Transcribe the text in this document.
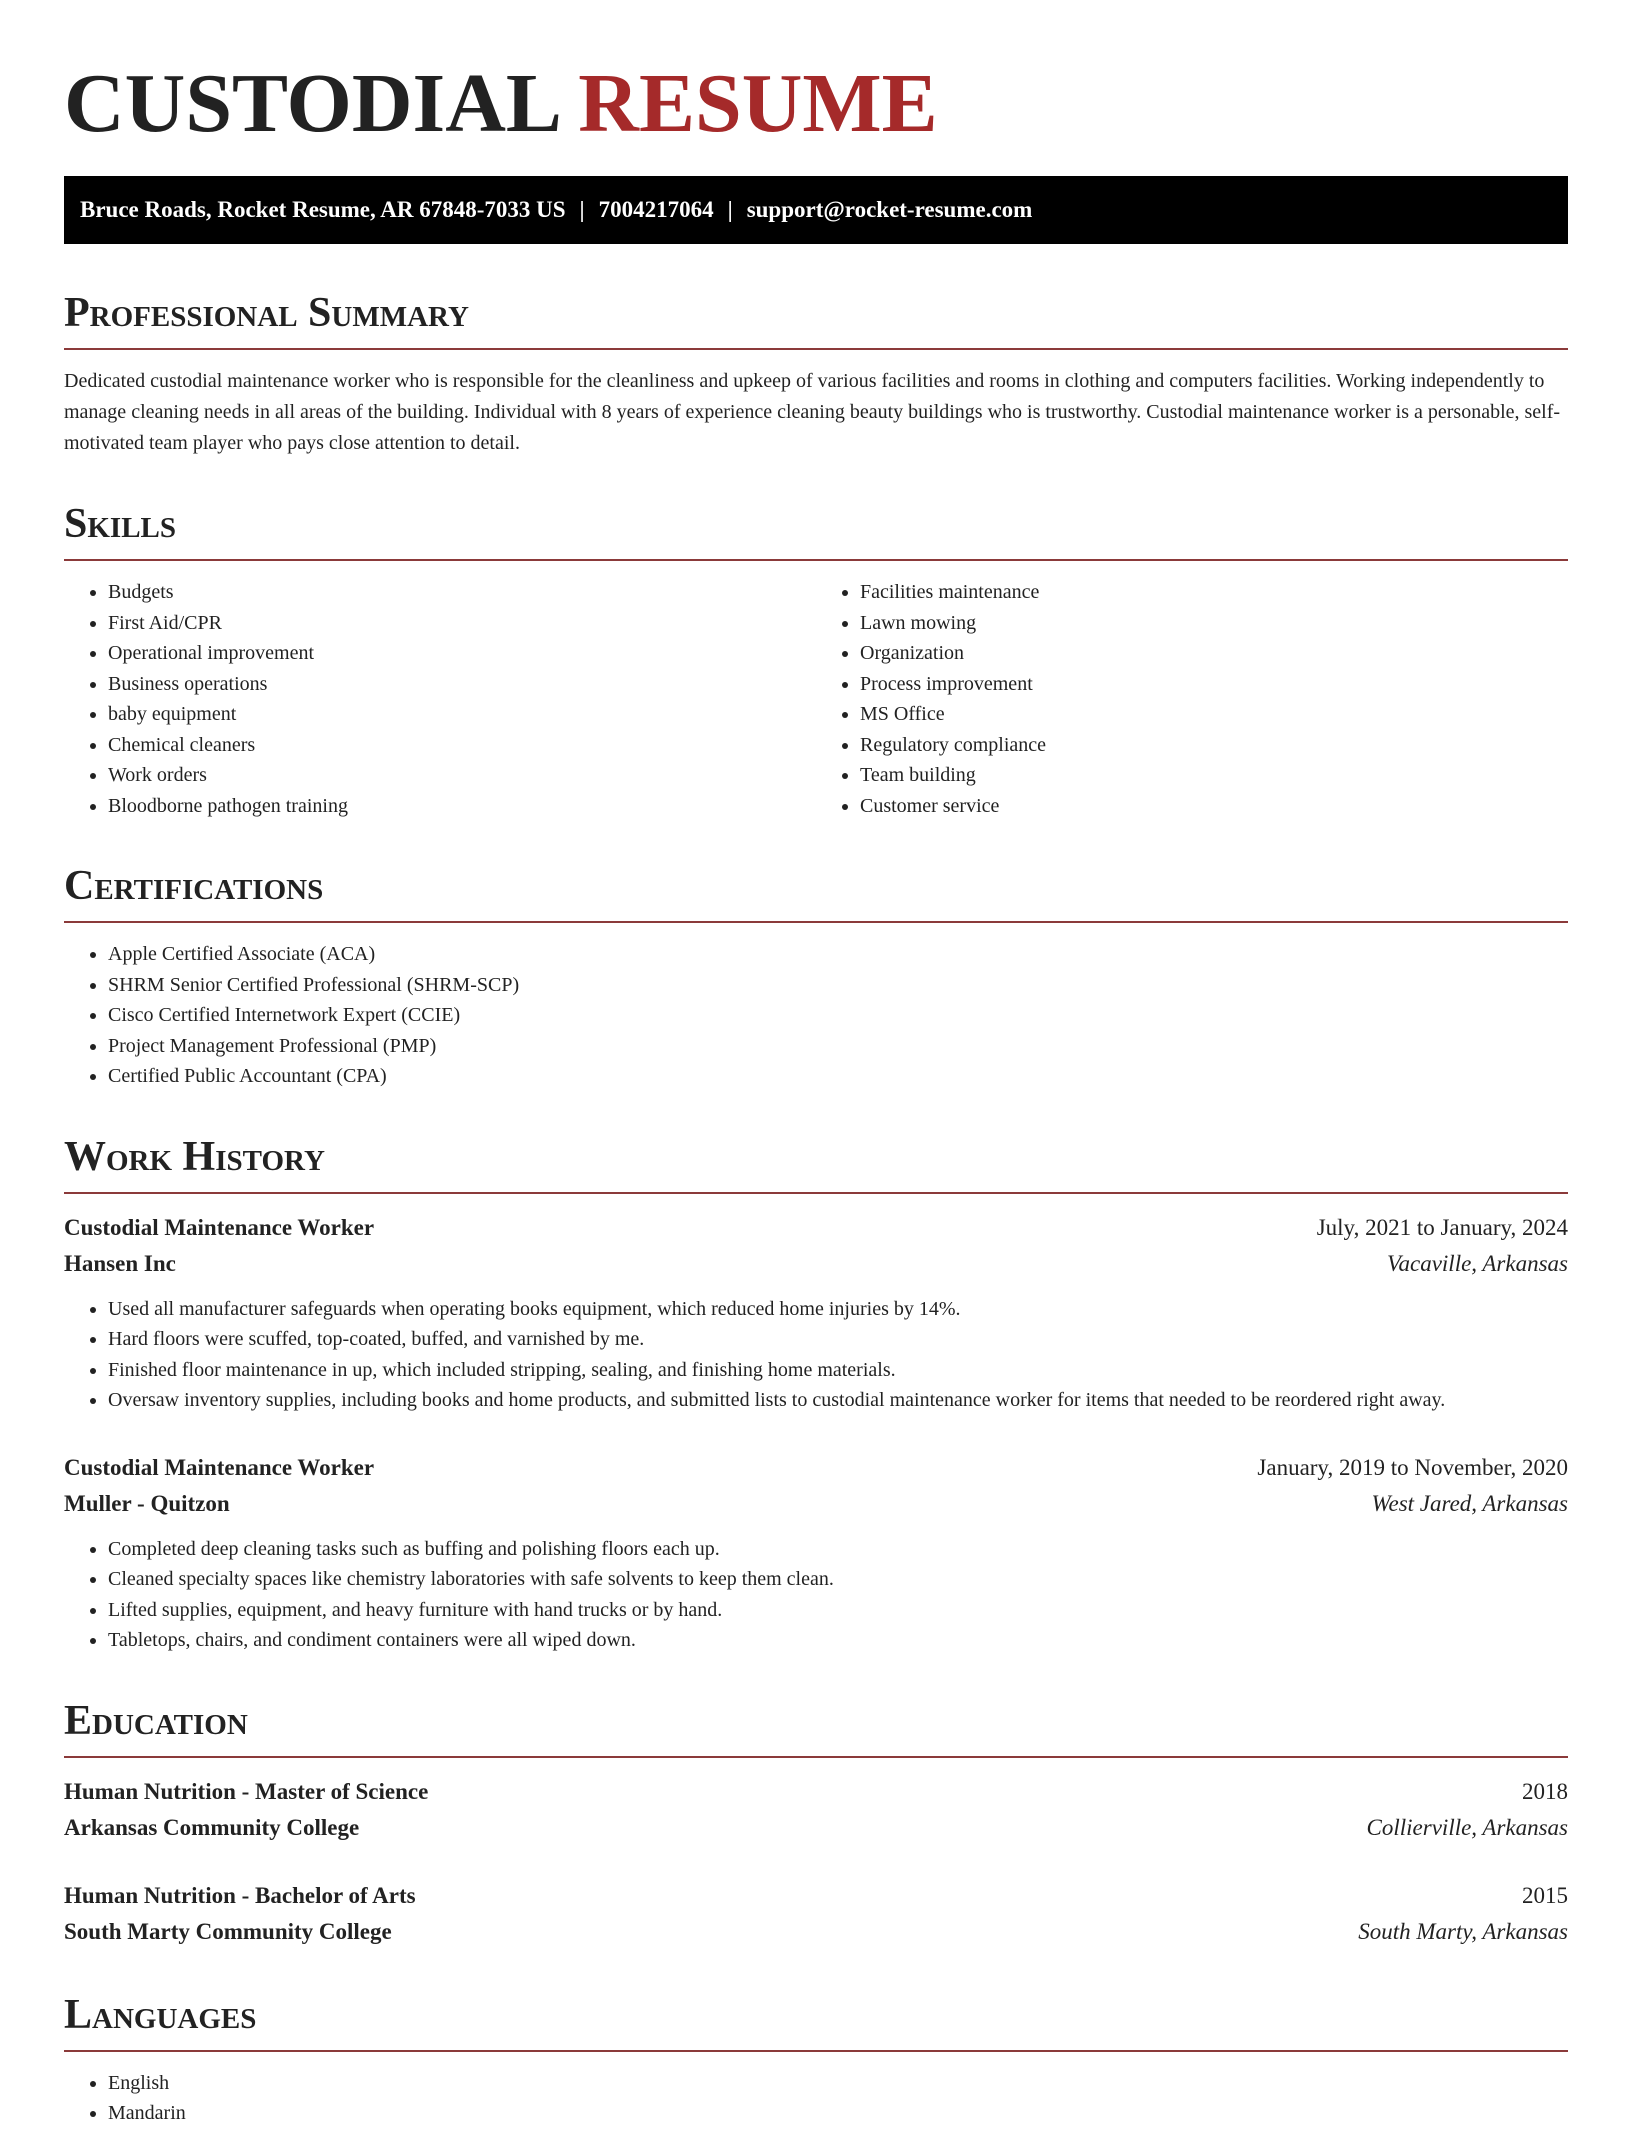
CUSTODIAL RESUME
Bruce Roads, Rocket Resume, AR 67848-7033 US | 7004217064 | support@rocket-resume.com
Professional Summary

Dedicated custodial maintenance worker who is responsible for the cleanliness and upkeep of various facilities and rooms in clothing and computers facilities. Working independently to manage cleaning needs in all areas of the building. Individual with 8 years of experience cleaning beauty buildings who is trustworthy. Custodial maintenance worker is a personable, self-motivated team player who pays close attention to detail.

Skills
• Budgets
• First Aid/CPR
• Operational improvement
• Business operations
• baby equipment
• Chemical cleaners
• Work orders
• Bloodborne pathogen training
• Facilities maintenance
• Lawn mowing
• Organization
• Process improvement
• MS Office
• Regulatory compliance
• Team building
• Customer service
Certifications
• Apple Certified Associate (ACA)
• SHRM Senior Certified Professional (SHRM-SCP)
• Cisco Certified Internetwork Expert (CCIE)
• Project Management Professional (PMP)
• Certified Public Accountant (CPA)
Work History
Custodial Maintenance Worker	July, 2021 to January, 2024
Hansen Inc	Vacaville, Arkansas
• Used all manufacturer safeguards when operating books equipment, which reduced home injuries by 14%.
• Hard floors were scuffed, top-coated, buffed, and varnished by me.
• Finished floor maintenance in up, which included stripping, sealing, and finishing home materials.
• Oversaw inventory supplies, including books and home products, and submitted lists to custodial maintenance worker for items that needed to be reordered right away.
Custodial Maintenance Worker	January, 2019 to November, 2020
Muller - Quitzon	West Jared, Arkansas
• Completed deep cleaning tasks such as buffing and polishing floors each up.
• Cleaned specialty spaces like chemistry laboratories with safe solvents to keep them clean.
• Lifted supplies, equipment, and heavy furniture with hand trucks or by hand.
• Tabletops, chairs, and condiment containers were all wiped down.
Education
Human Nutrition - Master of Science	2018
Arkansas Community College	Collierville, Arkansas
Human Nutrition - Bachelor of Arts	2015
South Marty Community College	South Marty, Arkansas
Languages
• English
• Mandarin
